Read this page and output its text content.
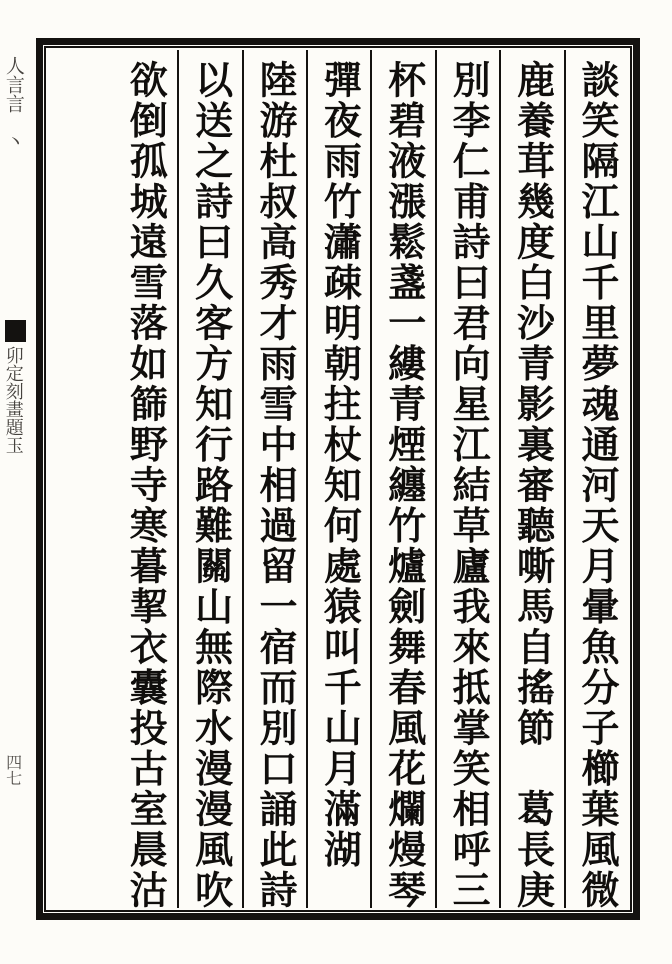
人言言　丶
卯定刻畫題玉
四七	談笑隔江山千里夢魂通河天月暈魚分子櫛葉風微
鹿養茸幾度白沙青影裏審聽嘶馬自搖節　葛長庚
別李仁甫詩曰君向星江結草廬我來抵掌笑相呼三
杯碧液漲鬆盞一縷青煙纏竹爐劍舞春風花爛熳琴
彈夜雨竹瀟疎明朝拄杖知何處猿叫千山月滿湖
陸游杜叔高秀才雨雪中相過留一宿而別口誦此詩
以送之詩曰久客方知行路難關山無際水漫漫風吹
欲倒孤城遠雪落如篩野寺寒暮挈衣囊投古室晨沽
